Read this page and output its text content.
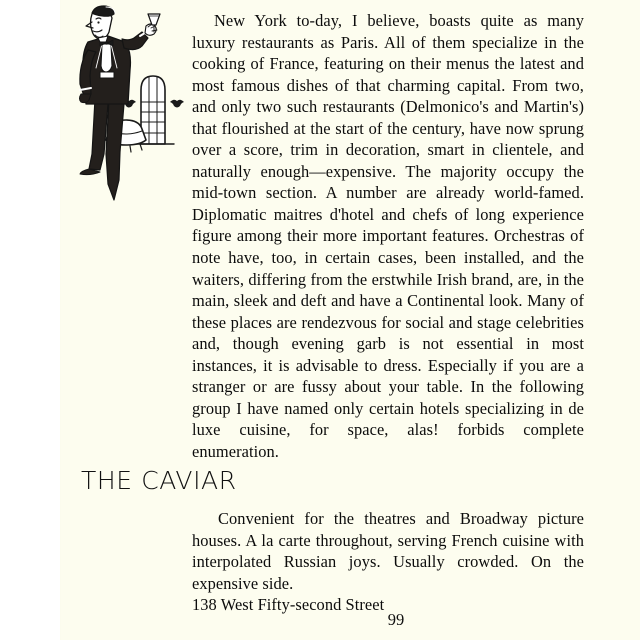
New York to-day, I believe, boasts quite as many luxury restaurants as Paris. All of them specialize in the cooking of France, featuring on their menus the latest and most famous dishes of that charming capital. From two, and only two such restaurants (Delmonico's and Martin's) that flourished at the start of the century, have now sprung over a score, trim in decoration, smart in clientele, and naturally enough—expensive. The majority occupy the mid-town section. A number are already world-famed. Diplomatic maitres d'hotel and chefs of long experience figure among their more important features. Orchestras of note have, too, in certain cases, been installed, and the waiters, differing from the erstwhile Irish brand, are, in the main, sleek and deft and have a Continental look. Many of these places are rendezvous for social and stage celebrities and, though evening garb is not essential in most instances, it is advisable to dress. Especially if you are a stranger or are fussy about your table. In the following group I have named only certain hotels specializing in de luxe cuisine, for space, alas! forbids complete enumeration.

THE CAVIAR

Convenient for the theatres and Broadway picture houses. A la carte throughout, serving French cuisine with interpolated Russian joys. Usually crowded. On the expensive side.

138 West Fifty-second Street

99
